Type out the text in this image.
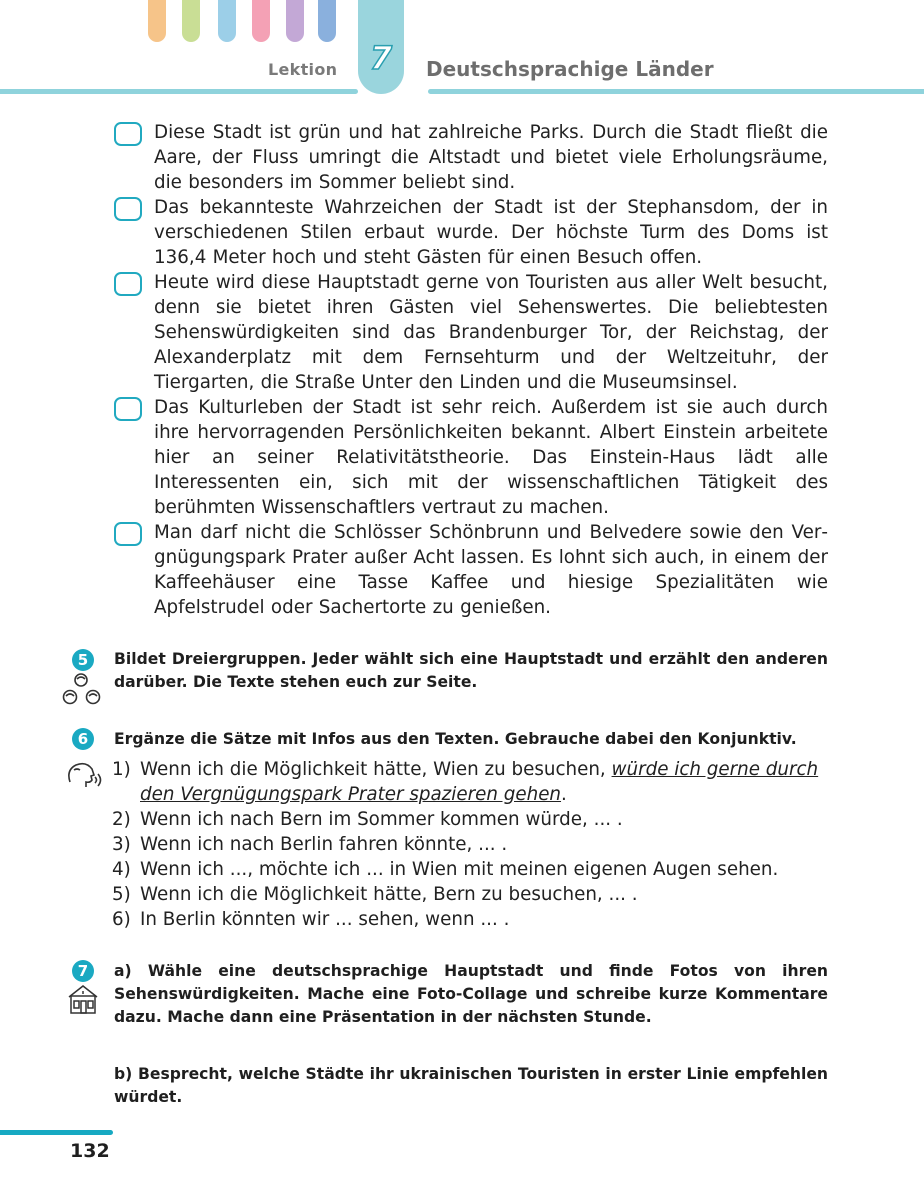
Lektion 7 Deutschsprachige Länder
Diese Stadt ist grün und hat zahlreiche Parks. Durch die Stadt fließt die Aare, der Fluss umringt die Altstadt und bietet viele Erholungsräume, die besonders im Sommer beliebt sind.
Das bekannteste Wahrzeichen der Stadt ist der Stephansdom, der in verschiedenen Stilen erbaut wurde. Der höchste Turm des Doms ist 136,4 Meter hoch und steht Gästen für einen Besuch offen.
Heute wird diese Hauptstadt gerne von Touristen aus aller Welt besucht, denn sie bietet ihren Gästen viel Sehenswertes. Die beliebtesten Sehenswürdigkeiten sind das Brandenburger Tor, der Reichstag, der Alexanderplatz mit dem Fernsehturm und der Weltzeituhr, der Tiergarten, die Straße Unter den Linden und die Museumsinsel.
Das Kulturleben der Stadt ist sehr reich. Außerdem ist sie auch durch ihre hervorragenden Persönlichkeiten bekannt. Albert Einstein arbeitete hier an seiner Relativitätstheorie. Das Einstein-Haus lädt alle Interessenten ein, sich mit der wissenschaftlichen Tätigkeit des berühmten Wissenschaftlers vertraut zu machen.
Man darf nicht die Schlösser Schönbrunn und Belvedere sowie den Vergnügungspark Prater außer Acht lassen. Es lohnt sich auch, in einem der Kaffeehäuser eine Tasse Kaffee und hiesige Spezialitäten wie Apfelstrudel oder Sachertorte zu genießen.
5	Bildet Dreiergruppen. Jeder wählt sich eine Hauptstadt und erzählt den anderen darüber. Die Texte stehen euch zur Seite.
6	Ergänze die Sätze mit Infos aus den Texten. Gebrauche dabei den Konjunktiv.
1) Wenn ich die Möglichkeit hätte, Wien zu besuchen, würde ich gerne durch den Vergnügungspark Prater spazieren gehen.
2) Wenn ich nach Bern im Sommer kommen würde, ... .
3) Wenn ich nach Berlin fahren könnte, ... .
4) Wenn ich ..., möchte ich ... in Wien mit meinen eigenen Augen sehen.
5) Wenn ich die Möglichkeit hätte, Bern zu besuchen, ... .
6) In Berlin könnten wir ... sehen, wenn ... .
7	a) Wähle eine deutschsprachige Hauptstadt und finde Fotos von ihren Sehenswürdigkeiten. Mache eine Foto-Collage und schreibe kurze Kommentare dazu. Mache dann eine Präsentation in der nächsten Stunde.
b) Besprecht, welche Städte ihr ukrainischen Touristen in erster Linie empfehlen würdet.
132
